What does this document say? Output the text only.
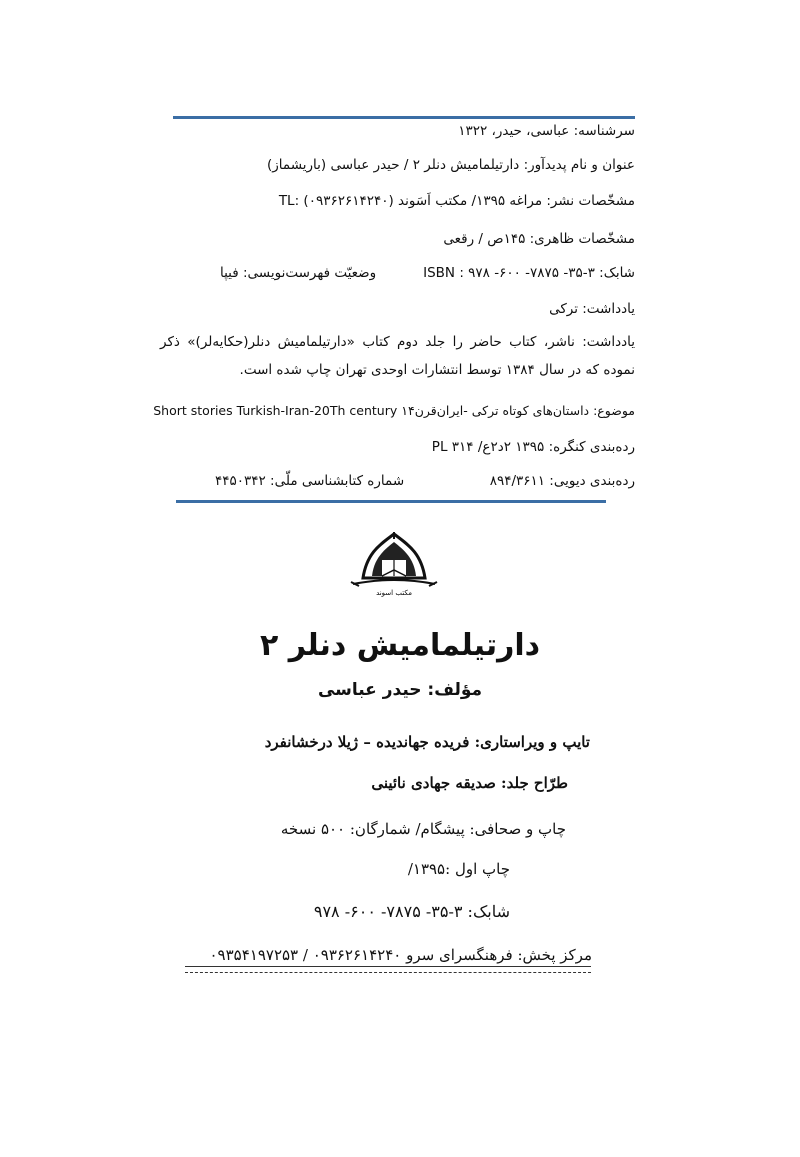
سرشناسه: عباسی، حیدر، ۱۳۲۲
عنوان و نام پدیدآور: دارتیلمامیش دنلر ۲ / حیدر عباسی (باریشماز)
مشخّصات نشر: مراغه ۱۳۹۵/ مکتب اَسَوند (۰۹۳۶۲۶۱۴۲۴۰) :TL
مشخّصات ظاهری: ۱۴۵ص / رقعی
شابک: ۳-۳۵- ۷۸۷۵- ۶۰۰- ۹۷۸ : ISBN
وضعیّت فهرست‌نویسی: فیپا
یادداشت: ترکی
یادداشت: ناشر، کتاب حاضر را جلد دوم کتاب «دارتیلمامیش دنلر(حکایه‌لر)» ذکر نموده که در سال ۱۳۸۴ توسط انتشارات اوحدی تهران چاپ شده است.
موضوع: داستان‌های کوتاه ترکی -ایران‌قرن۱۴ Short stories Turkish-Iran-20Th century
رده‌بندی کنگره: ۱۳۹۵ ۲د۲ع/ ۳۱۴ PL
رده‌بندی دیویی: ۸۹۴/۳۶۱۱
شماره کتابشناسی ملّی: ۴۴۵۰۳۴۲
مکتب اسوند
دارتیلمامیش دنلر ۲
مؤلف: حیدر عباسی
تایپ و ویراستاری: فریده جهاندیده – ژیلا درخشانفرد
طرّاح جلد: صدیقه جهادی نائینی
چاپ و صحافی: پیشگام/ شمارگان: ۵۰۰ نسخه
چاپ اول :۱۳۹۵/
شابک: ۳-۳۵- ۷۸۷۵- ۶۰۰- ۹۷۸
مرکز پخش: فرهنگسرای سرو ۰۹۳۶۲۶۱۴۲۴۰ / ۰۹۳۵۴۱۹۷۲۵۳
